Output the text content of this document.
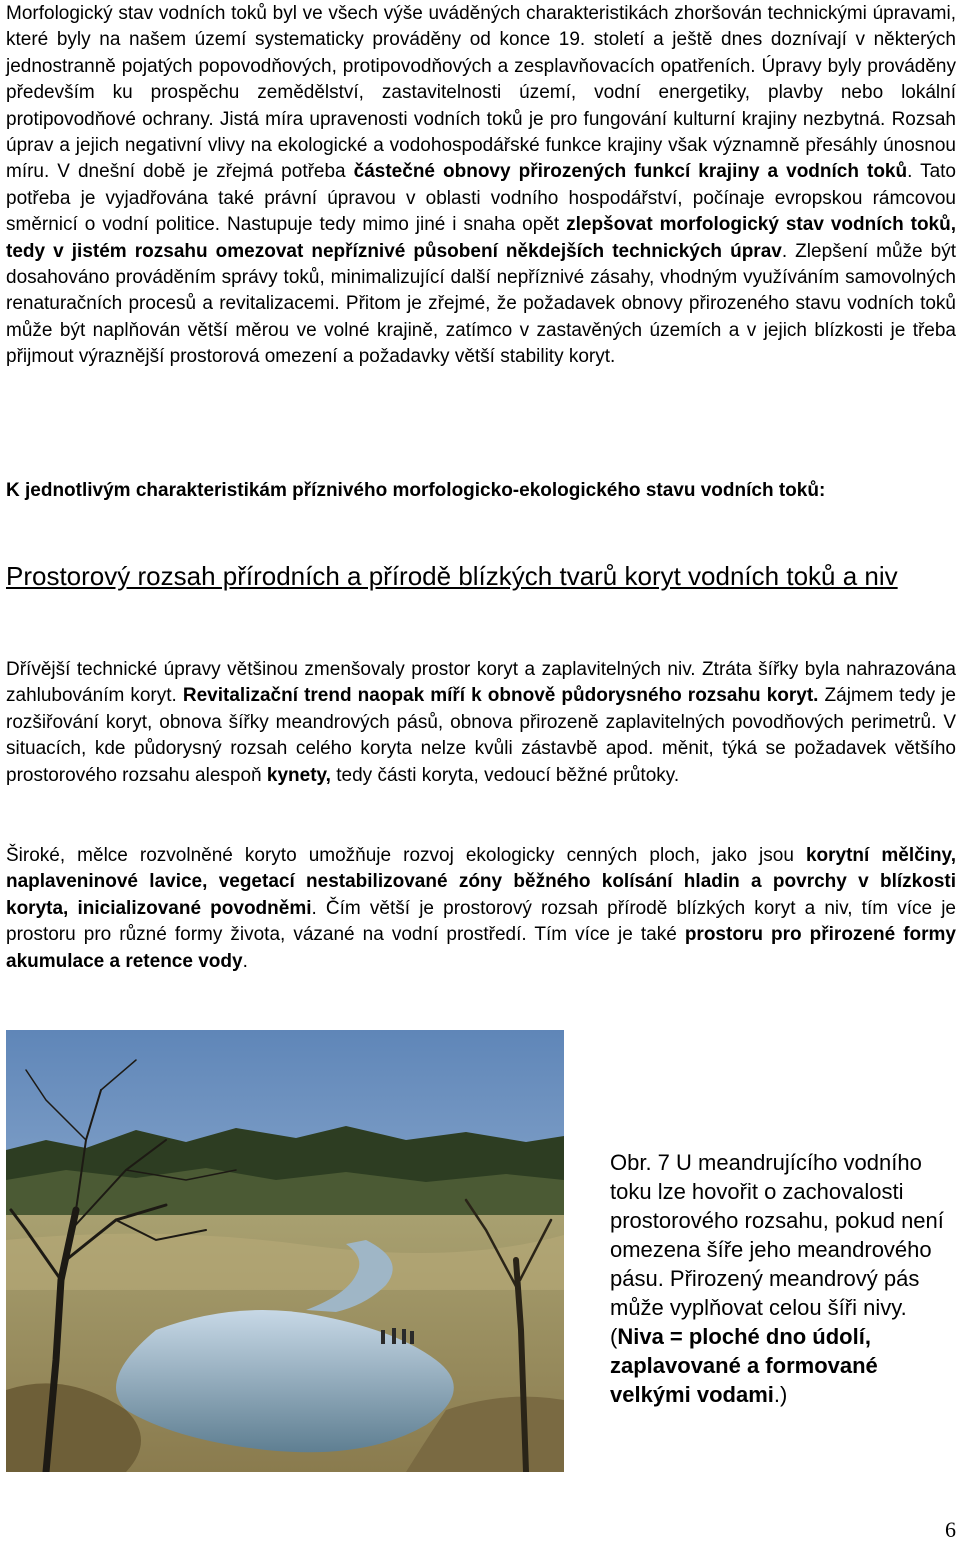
Morfologický stav vodních toků byl ve všech výše uváděných charakteristikách zhoršován technickými úpravami, které byly na našem území systematicky prováděny od konce 19. století a ještě dnes doznívají v některých jednostranně pojatých popovodňových, protipovodňových a zesplavňovacích opatřeních. Úpravy byly prováděny především ku prospěchu zemědělství, zastavitelnosti území, vodní energetiky, plavby nebo lokální protipovodňové ochrany. Jistá míra upravenosti vodních toků je pro fungování kulturní krajiny nezbytná. Rozsah úprav a jejich negativní vlivy na ekologické a vodohospodářské funkce krajiny však významně přesáhly únosnou míru. V dnešní době je zřejmá potřeba částečné obnovy přirozených funkcí krajiny a vodních toků. Tato potřeba je vyjadřována také právní úpravou v oblasti vodního hospodářství, počínaje evropskou rámcovou směrnicí o vodní politice. Nastupuje tedy mimo jiné i snaha opět zlepšovat morfologický stav vodních toků, tedy v jistém rozsahu omezovat nepříznivé působení někdejších technických úprav. Zlepšení může být dosahováno prováděním správy toků, minimalizující další nepříznivé zásahy, vhodným využíváním samovolných renaturačních procesů a revitalizacemi. Přitom je zřejmé, že požadavek obnovy přirozeného stavu vodních toků může být naplňován větší měrou ve volné krajině, zatímco v zastavěných územích a v jejich blízkosti je třeba přijmout výraznější prostorová omezení a požadavky větší stability koryt.

K jednotlivým charakteristikám příznivého morfologicko-ekologického stavu vodních toků:

Prostorový rozsah přírodních a přírodě blízkých tvarů koryt vodních toků a niv

Dřívější technické úpravy většinou zmenšovaly prostor koryt a zaplavitelných niv. Ztráta šířky byla nahrazována zahlubováním koryt. Revitalizační trend naopak míří k obnově půdorysného rozsahu koryt. Zájmem tedy je rozšiřování koryt, obnova šířky meandrových pásů, obnova přirozeně zaplavitelných povodňových perimetrů. V situacích, kde půdorysný rozsah celého koryta nelze kvůli zástavbě apod. měnit, týká se požadavek většího prostorového rozsahu alespoň kynety, tedy části koryta, vedoucí běžné průtoky.

Široké, mělce rozvolněné koryto umožňuje rozvoj ekologicky cenných ploch, jako jsou korytní mělčiny, naplaveninové lavice, vegetací nestabilizované zóny běžného kolísání hladin a povrchy v blízkosti koryta, inicializované povodněmi. Čím větší je prostorový rozsah přírodě blízkých koryt a niv, tím více je prostoru pro různé formy života, vázané na vodní prostředí. Tím více je také prostoru pro přirozené formy akumulace a retence vody.

Obr. 7 U meandrujícího vodního toku lze hovořit o zachovalosti prostorového rozsahu, pokud není omezena šíře jeho meandrového pásu. Přirozený meandrový pás může vyplňovat celou šíři nivy. (Niva = ploché dno údolí, zaplavované a formované velkými vodami.)

6
